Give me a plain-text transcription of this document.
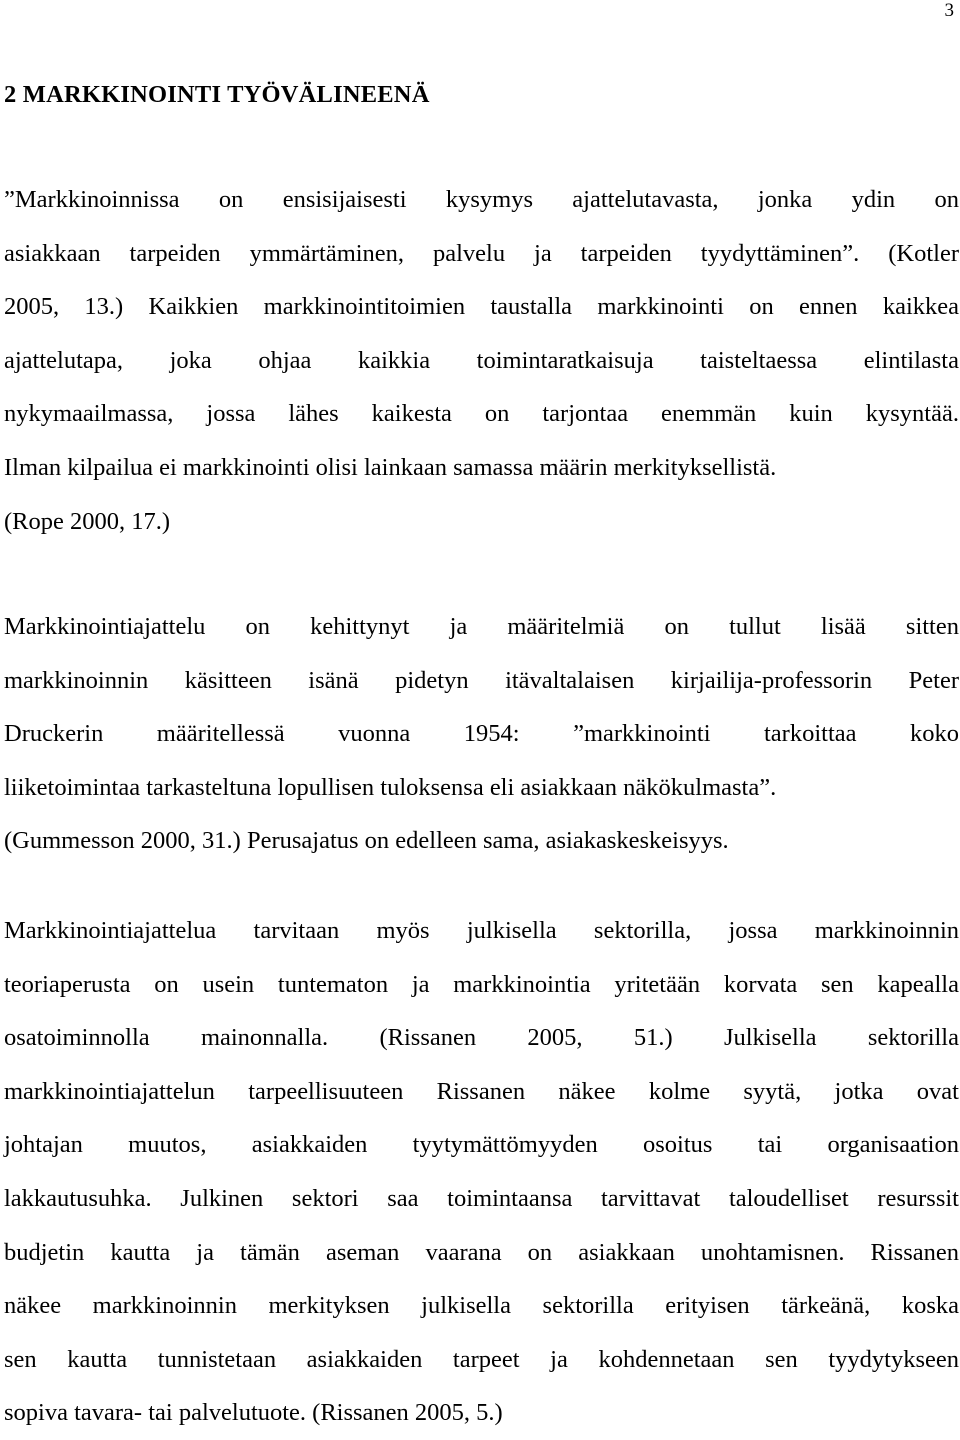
3
2 MARKKINOINTI TYÖVÄLINEENÄ
”Markkinoinnissa on ensisijaisesti kysymys ajattelutavasta, jonka ydin on
asiakkaan tarpeiden ymmärtäminen, palvelu ja tarpeiden tyydyttäminen”. (Kotler
2005, 13.) Kaikkien markkinointitoimien taustalla markkinointi on ennen kaikkea
ajattelutapa, joka ohjaa kaikkia toimintaratkaisuja taisteltaessa elintilasta
nykymaailmassa, jossa lähes kaikesta on tarjontaa enemmän kuin kysyntää.
Ilman kilpailua ei markkinointi olisi lainkaan samassa määrin merkityksellistä.
(Rope 2000, 17.)
Markkinointiajattelu on kehittynyt ja määritelmiä on tullut lisää sitten
markkinoinnin käsitteen isänä pidetyn itävaltalaisen kirjailija-professorin Peter
Druckerin määritellessä vuonna 1954: ”markkinointi tarkoittaa koko
liiketoimintaa tarkasteltuna lopullisen tuloksensa eli asiakkaan näkökulmasta”.
(Gummesson 2000, 31.) Perusajatus on edelleen sama, asiakaskeskeisyys.
Markkinointiajattelua tarvitaan myös julkisella sektorilla, jossa markkinoinnin
teoriaperusta on usein tuntematon ja markkinointia yritetään korvata sen kapealla
osatoiminnolla mainonnalla. (Rissanen 2005, 51.) Julkisella sektorilla
markkinointiajattelun tarpeellisuuteen Rissanen näkee kolme syytä, jotka ovat
johtajan muutos, asiakkaiden tyytymättömyyden osoitus tai organisaation
lakkautusuhka. Julkinen sektori saa toimintaansa tarvittavat taloudelliset resurssit
budjetin kautta ja tämän aseman vaarana on asiakkaan unohtamisnen. Rissanen
näkee markkinoinnin merkityksen julkisella sektorilla erityisen tärkeänä, koska
sen kautta tunnistetaan asiakkaiden tarpeet ja kohdennetaan sen tyydytykseen
sopiva tavara- tai palvelutuote. (Rissanen 2005, 5.)
